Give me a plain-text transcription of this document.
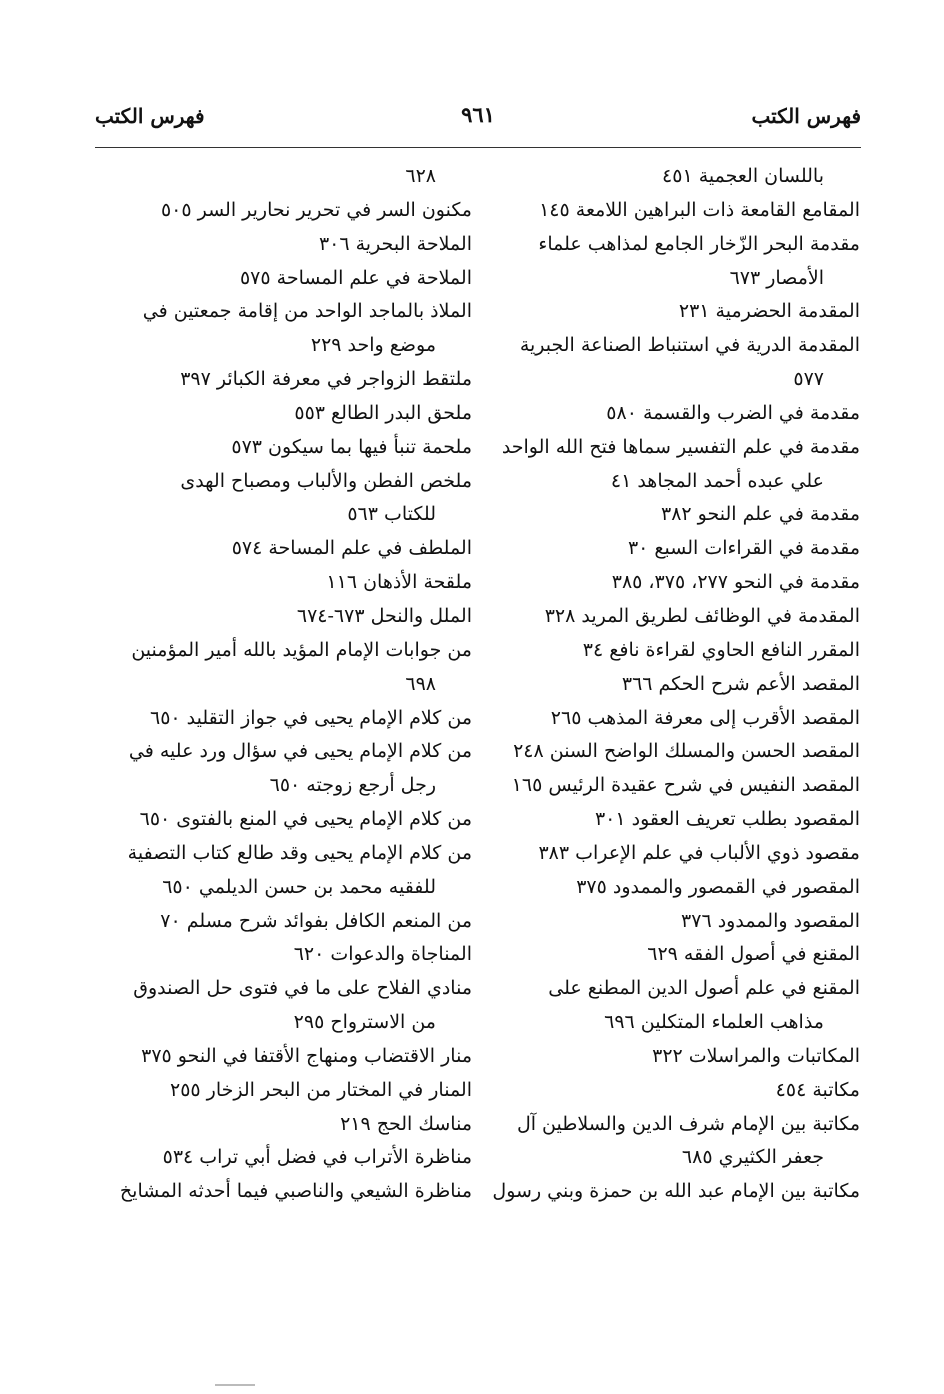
فهرس الكتب
٩٦١
فهرس الكتب
باللسان العجمية ٤٥١
المقامع القامعة ذات البراهين اللامعة ١٤٥
مقدمة البحر الزّخار الجامع لمذاهب علماء
الأمصار ٦٧٣
المقدمة الحضرمية ٢٣١
المقدمة الدرية في استنباط الصناعة الجبرية
٥٧٧
مقدمة في الضرب والقسمة ٥٨٠
مقدمة في علم التفسير سماها فتح الله الواحد
علي عبده أحمد المجاهد ٤١
مقدمة في علم النحو ٣٨٢
مقدمة في القراءات السبع ٣٠
مقدمة في النحو ٢٧٧، ٣٧٥، ٣٨٥
المقدمة في الوظائف لطريق المريد ٣٢٨
المقرر النافع الحاوي لقراءة نافع ٣٤
المقصد الأعم شرح الحكم ٣٦٦
المقصد الأقرب إلى معرفة المذهب ٢٦٥
المقصد الحسن والمسلك الواضح السنن ٢٤٨
المقصد النفيس في شرح عقيدة الرئيس ١٦٥
المقصود بطلب تعريف العقود ٣٠١
مقصود ذوي الألباب في علم الإعراب ٣٨٣
المقصور في القمصور والممدود ٣٧٥
المقصود والممدود ٣٧٦
المقنع في أصول الفقه ٦٢٩
المقنع في علم أصول الدين المطنع على
مذاهب العلماء المتكلين ٦٩٦
المكاتبات والمراسلات ٣٢٢
مكاتبة ٤٥٤
مكاتبة بين الإمام شرف الدين والسلاطين آل
جعفر الكثيري ٦٨٥
مكاتبة بين الإمام عبد الله بن حمزة وبني رسول
٦٢٨
مكنون السر في تحرير نحارير السر ٥٠٥
الملاحة البحرية ٣٠٦
الملاحة في علم المساحة ٥٧٥
الملاذ بالماجد الواحد من إقامة جمعتين في
موضع واحد ٢٢٩
ملتقط الزواجر في معرفة الكبائر ٣٩٧
ملحق البدر الطالع ٥٥٣
ملحمة تنبأ فيها بما سيكون ٥٧٣
ملخص الفطن والألباب ومصباح الهدى
للكتاب ٥٦٣
الملطف في علم المساحة ٥٧٤
ملقحة الأذهان ١١٦
الملل والنحل ٦٧٣-٦٧٤
من جوابات الإمام المؤيد بالله أمير المؤمنين
٦٩٨
من كلام الإمام يحيى في جواز التقليد ٦٥٠
من كلام الإمام يحيى في سؤال ورد عليه في
رجل أرجع زوجته ٦٥٠
من كلام الإمام يحيى في المنع بالفتوى ٦٥٠
من كلام الإمام يحيى وقد طالع كتاب التصفية
للفقيه محمد بن حسن الديلمي ٦٥٠
من المنعم الكافل بفوائد شرح مسلم ٧٠
المناجاة والدعوات ٦٢٠
منادي الفلاح على ما في فتوى حل الصندوق
من الاسترواح ٢٩٥
منار الاقتضاب ومنهاج الأقتفا في النحو ٣٧٥
المنار في المختار من البحر الزخار ٢٥٥
مناسك الحج ٢١٩
مناظرة الأتراب في فضل أبي تراب ٥٣٤
مناظرة الشيعي والناصبي فيما أحدثه المشايخ
